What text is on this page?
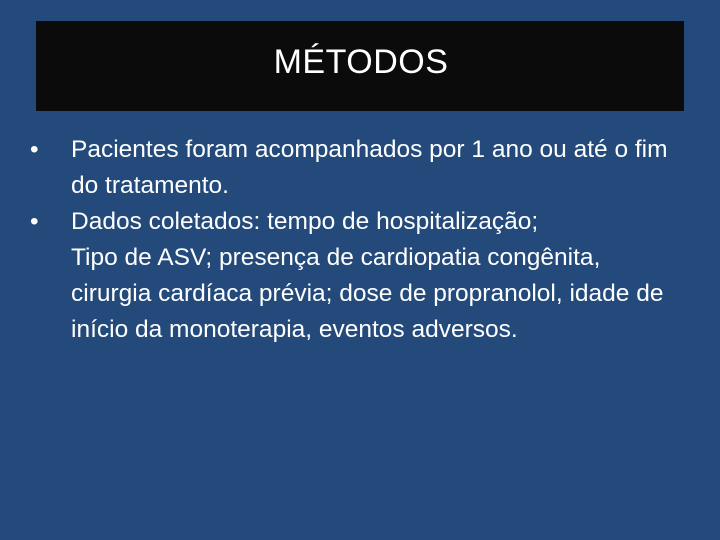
MÉTODOS
•	Pacientes foram acompanhados por 1 ano ou até o fim do tratamento.
•	Dados coletados: tempo de hospitalização;
Tipo de ASV; presença de cardiopatia congênita, cirurgia cardíaca prévia; dose de propranolol, idade de início da monoterapia, eventos adversos.
